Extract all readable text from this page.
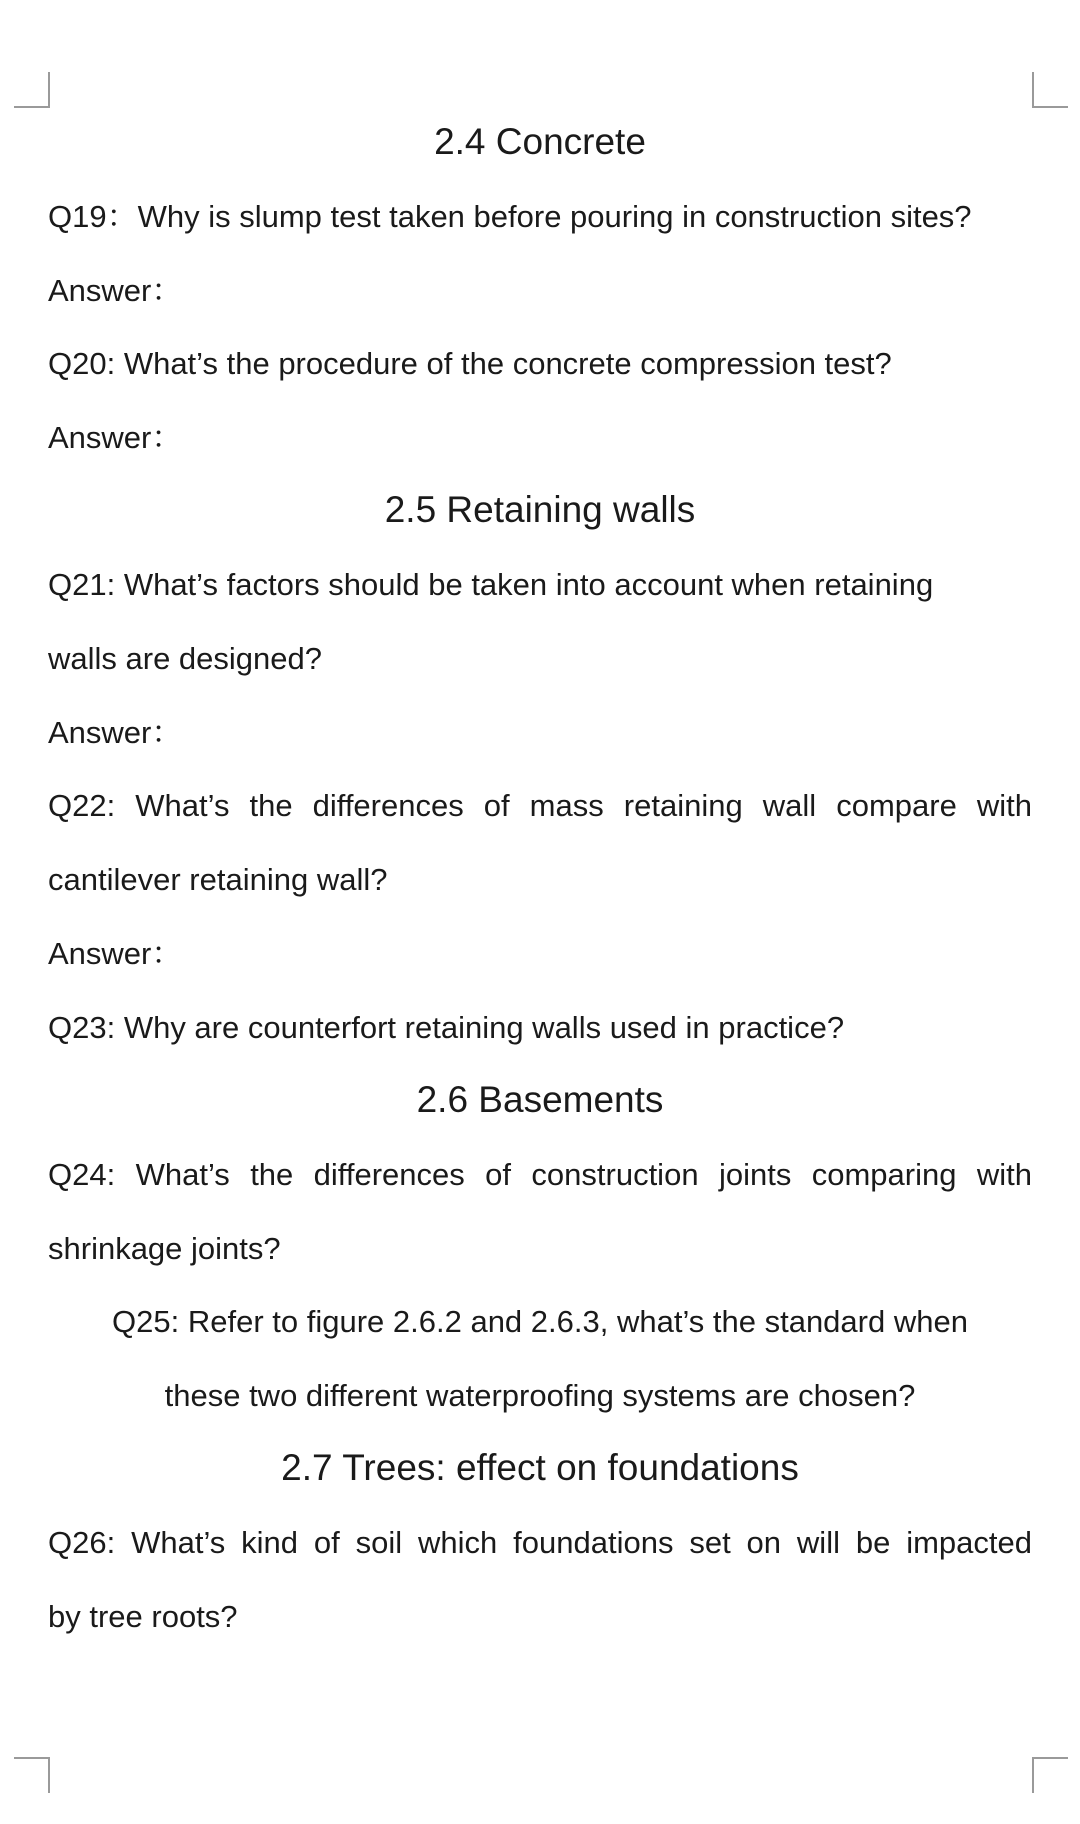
2.4 Concrete
Q19：Why is slump test taken before pouring in construction sites?
Answer：
Q20: What’s the procedure of the concrete compression test?
Answer：
2.5 Retaining walls
Q21: What’s factors should be taken into account when retaining
walls are designed?
Answer：
Q22: What’s the differences of mass retaining wall compare with
cantilever retaining wall?
Answer：
Q23: Why are counterfort retaining walls used in practice?
2.6 Basements
Q24: What’s the differences of construction joints comparing with
shrinkage joints?
Q25: Refer to figure 2.6.2 and 2.6.3, what’s the standard when
these two different waterproofing systems are chosen?
2.7 Trees: effect on foundations
Q26: What’s kind of soil which foundations set on will be impacted
by tree roots?
